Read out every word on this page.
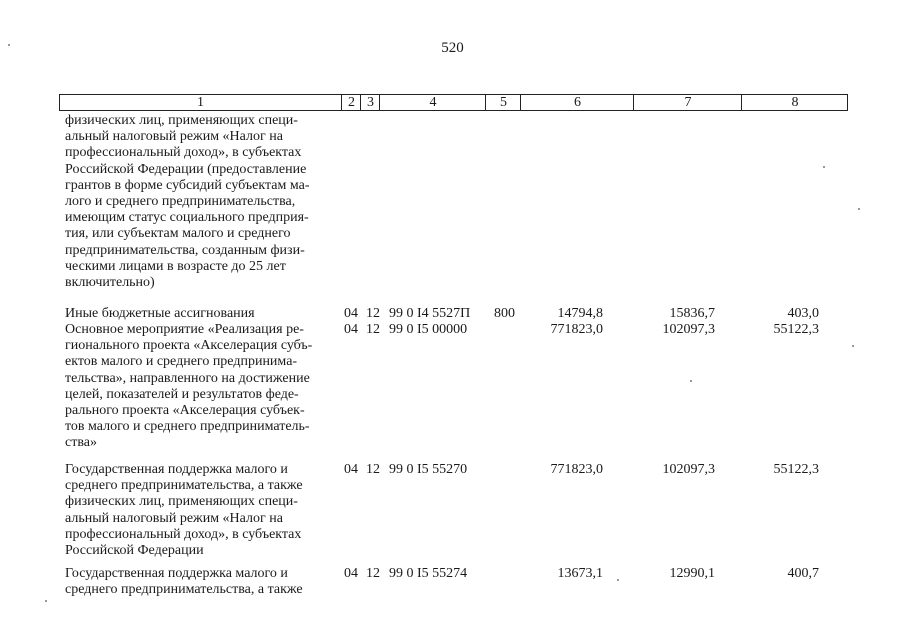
520
1	2 3	4	5	6	7	8

физических лиц, применяющих специ-

альный налоговый режим «Налог на

профессиональный доход», в субъектах

Российской Федерации (предоставление

грантов в форме субсидий субъектам ма-

лого и среднего предпринимательства,

имеющим статус социального предприя-

тия, или субъектам малого и среднего

предпринимательства, созданным физи-

ческими лицами в возрасте до 25 лет

включительно)

Иные бюджетные ассигнования	04 12 99 0 I4 5527П 800	14794,8	15836,7	403,0

Основное мероприятие «Реализация ре-

гионального проекта «Акселерация субъ-

ектов малого и среднего предпринима-

тельства», направленного на достижение

целей, показателей и результатов феде-

рального проекта «Акселерация субъек-

тов малого и среднего предприниматель-

ства»

04 12 99 0 I5 00000	771823,0	102097,3	55122,3

Государственная поддержка малого и

среднего предпринимательства, а также

физических лиц, применяющих специ-

альный налоговый режим «Налог на

профессиональный доход», в субъектах

Российской Федерации

04 12 99 0 I5 55270	771823,0	102097,3	55122,3

Государственная поддержка малого и

среднего предпринимательства, а также

04 12 99 0 I5 55274	13673,1	12990,1	400,7
